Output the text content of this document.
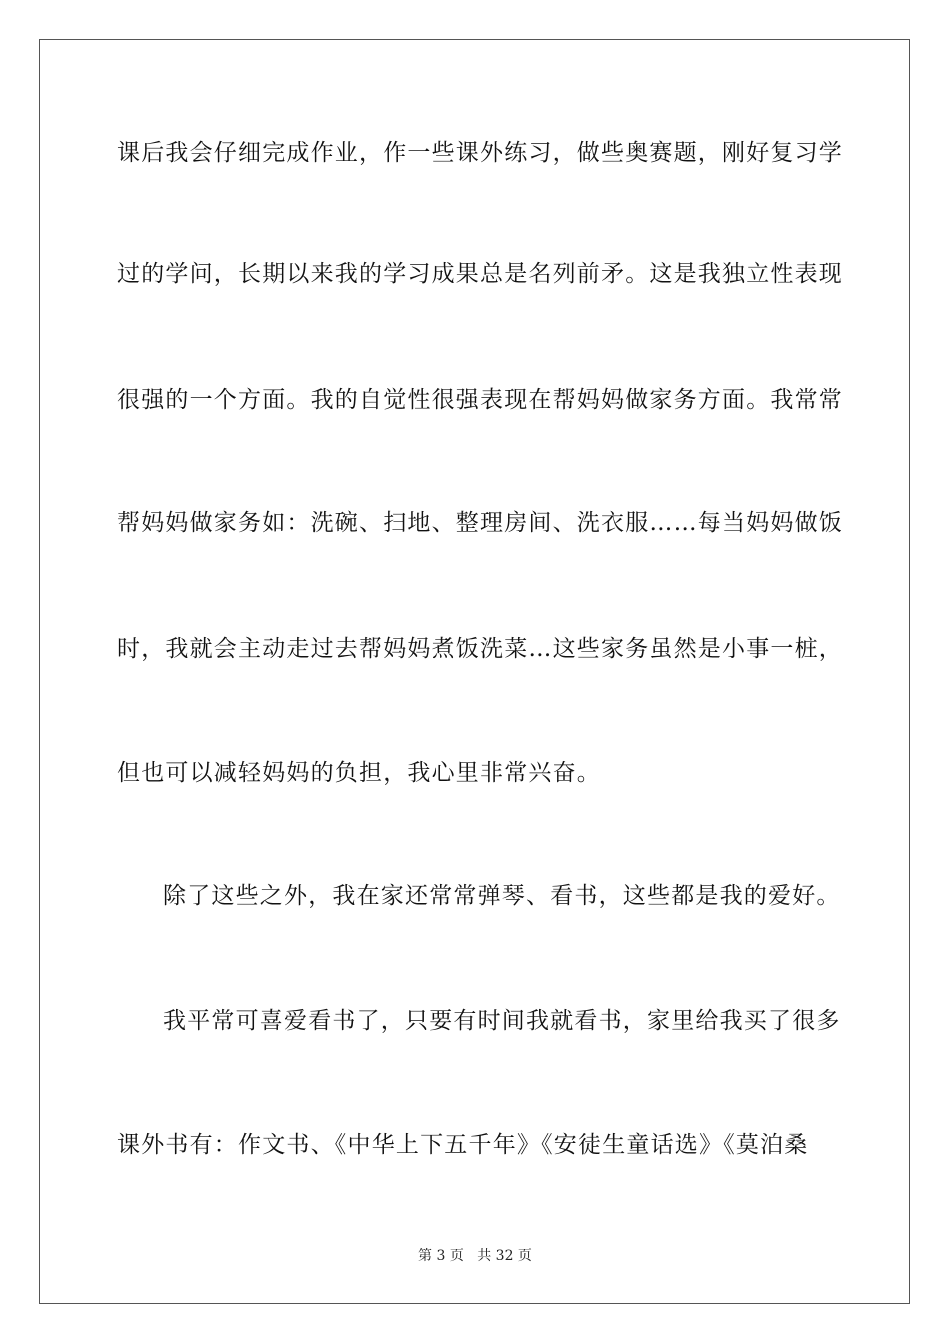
课后我会仔细完成作业，作一些课外练习，做些奥赛题，刚好复习学
过的学问，长期以来我的学习成果总是名列前矛。这是我独立性表现
很强的一个方面。我的自觉性很强表现在帮妈妈做家务方面。我常常
帮妈妈做家务如：洗碗、扫地、整理房间、洗衣服……每当妈妈做饭
时，我就会主动走过去帮妈妈煮饭洗菜…这些家务虽然是小事一桩，
但也可以减轻妈妈的负担，我心里非常兴奋。
除了这些之外，我在家还常常弹琴、看书，这些都是我的爱好。
我平常可喜爱看书了，只要有时间我就看书，家里给我买了很多
课外书有：作文书、《中华上下五千年》《安徒生童话选》《莫泊桑
第 3 页 共 32 页
